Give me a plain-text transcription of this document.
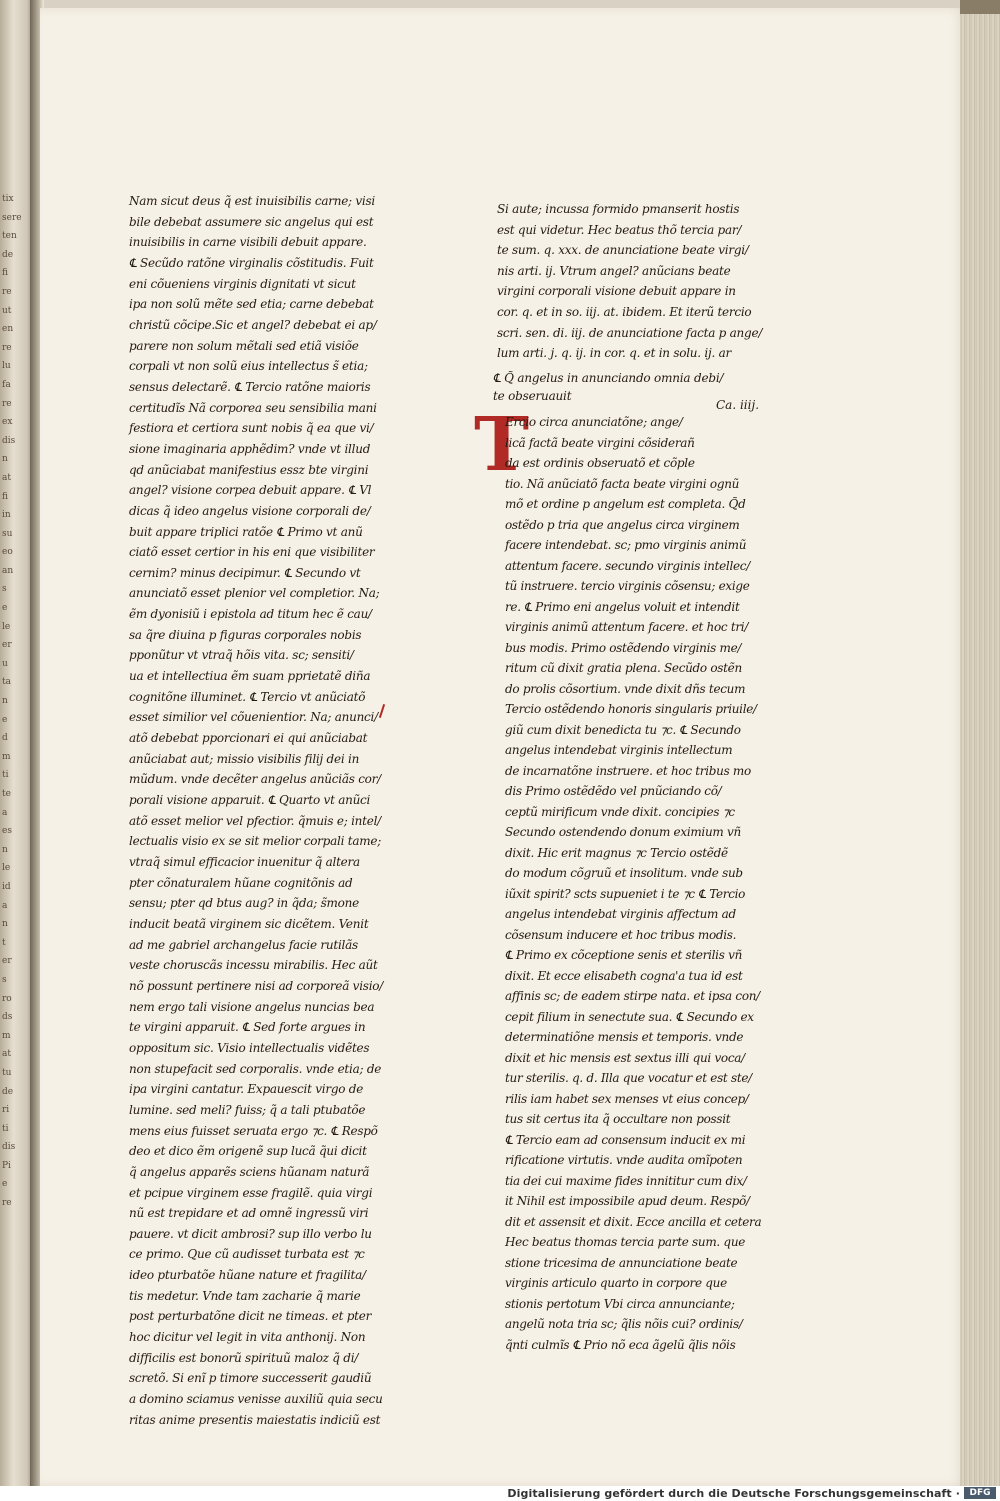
tix
sere
ten
de
fi
re
ut
en
re
lu
fa
re
ex
dis
n
at
fi
in
su
eo
an
s
e
le
er
u
ta
n
e
d
m
ti
te
a
es
n
le
id
a
n
t
er
s
ro
ds
m
at
tu
de
ri
ti
dis
Pi
e
re
Nam sicut deus q̃ est inuisibilis carne; visi
bile debebat assumere sic angelus qui est
inuisibilis in carne visibili debuit appare.
℄ Secũdo ratõne virginalis cõstitudis. Fuit
eni cõueniens virginis dignitati vt sicut
ipa non solũ mẽte sed etia; carne debebat
christũ cõcipe.Sic et angel? debebat ei ap/
parere non solum mẽtali sed etiã visiõe
corpali vt non solũ eius intellectus s̃ etia;
sensus delectarẽ. ℄ Tercio ratõne maioris
certitudĩs Nã corporea seu sensibilia mani
festiora et certiora sunt nobis q̃ ea que vi/
sione imaginaria apphẽdim? vnde vt illud
qd anũciabat manifestius essz bte virgini
angel? visione corpea debuit appare. ℄ Vl
dicas q̃ ideo angelus visione corporali de/
buit appare triplici ratõe ℄ Primo vt anũ
ciatõ esset certior in his eni que visibiliter
cernim? minus decipimur. ℄ Secundo vt
anunciatõ esset plenior vel completior. Na;
ẽm dyonisiũ i epistola ad titum hec ẽ cau/
sa q̃re diuina p figuras corporales nobis
pponũtur vt vtraq̃ hõis vita. sc; sensiti/
ua et intellectiua ẽm suam pprietatẽ diña
cognitõne illuminet. ℄ Tercio vt anũciatõ
esset similior vel cõuenientior. Na; anunci/
atõ debebat pporcionari ei qui anũciabat
anũciabat aut; missio visibilis filij dei in
mũdum. vnde decẽter angelus anũciãs cor/
porali visione apparuit. ℄ Quarto vt anũci
atõ esset melior vel pfectior. q̃muis e; intel/
lectualis visio ex se sit melior corpali tame;
vtraq̃ simul efficacior inuenitur q̃ altera
pter cõnaturalem hũane cognitõnis ad
sensu; pter qd btus aug? in q̃da; s̃mone
inducit beatã virginem sic dicẽtem. Venit
ad me gabriel archangelus facie rutilãs
veste choruscãs incessu mirabilis. Hec aũt
nõ possunt pertinere nisi ad corporeã visio/
nem ergo tali visione angelus nuncias bea
te virgini apparuit. ℄ Sed forte argues in
oppositum sic. Visio intellectualis vidẽtes
non stupefacit sed corporalis. vnde etia; de
ipa virgini cantatur. Expauescit virgo de
lumine. sed meli? fuiss; q̃ a tali ptubatõe
mens eius fuisset seruata ergo ⁊c. ℄ Respõ
deo et dico ẽm origenẽ sup lucã q̃ui dicit
q̃ angelus apparẽs sciens hũanam naturã
et pcipue virginem esse fragilẽ. quia virgi
nũ est trepidare et ad omnẽ ingressũ viri
pauere. vt dicit ambrosi? sup illo verbo lu
ce primo. Que cũ audisset turbata est ⁊c
ideo pturbatõe hũane nature et fragilita/
tis medetur. Vnde tam zacharie q̃ marie
post perturbatõne dicit ne timeas. et pter
hoc dicitur vel legit in vita anthonij. Non
difficilis est bonorũ spirituũ maloz q̃ di/
scretõ. Si enĩ p timore successerit gaudiũ
a domino sciamus venisse auxiliũ quia secu
ritas anime presentis maiestatis indiciũ est
Si aute; incussa formido pmanserit hostis
est qui videtur. Hec beatus thõ tercia par/
te sum. q. xxx. de anunciatione beate virgi/
nis arti. ij. Vtrum angel? anũcians beate
virgini corporali visione debuit appare in
cor. q. et in so. iij. at. ibidem. Et iterũ tercio
scri. sen. di. iij. de anunciatione facta p ange/
lum arti. j. q. ij. in cor. q. et in solu. ij. ar
℄ Q̃ angelus in anunciando omnia debi/
te obseruauit
Ca. iiij.
T
Ercio circa anunciatõne; ange/
licã factã beate virgini cõsiderañ
da est ordinis obseruatõ et cõple
tio. Nã anũciatõ facta beate virgini ognũ
mõ et ordine p angelum est completa. Q̃d
ostẽdo p tria que angelus circa virginem
facere intendebat. sc; pmo virginis animũ
attentum facere. secundo virginis intellec/
tũ instruere. tercio virginis cõsensu; exige
re. ℄ Primo eni angelus voluit et intendit
virginis animũ attentum facere. et hoc tri/
bus modis. Primo ostẽdendo virginis me/
ritum cũ dixit gratia plena. Secũdo ostẽn
do prolis cõsortium. vnde dixit dñs tecum
Tercio ostẽdendo honoris singularis priuile/
giũ cum dixit benedicta tu ⁊c. ℄ Secundo
angelus intendebat virginis intellectum
de incarnatõne instruere. et hoc tribus mo
dis Primo ostẽdẽdo vel pnũciando cõ/
ceptũ mirificum vnde dixit. concipies ⁊c
Secundo ostendendo donum eximium vñ
dixit. Hic erit magnus ⁊c Tercio ostẽdẽ
do modum cõgruũ et insolitum. vnde sub
iũxit spirit? scts supueniet i te ⁊c ℄ Tercio
angelus intendebat virginis affectum ad
cõsensum inducere et hoc tribus modis.
℄ Primo ex cõceptione senis et sterilis vñ
dixit. Et ecce elisabeth cogna'a tua id est
affinis sc; de eadem stirpe nata. et ipsa con/
cepit filium in senectute sua. ℄ Secundo ex
determinatiõne mensis et temporis. vnde
dixit et hic mensis est sextus illi qui voca/
tur sterilis. q. d. Illa que vocatur et est ste/
rilis iam habet sex menses vt eius concep/
tus sit certus ita q̃ occultare non possit
℄ Tercio eam ad consensum inducit ex mi
rificatione virtutis. vnde audita omĩpoten
tia dei cui maxime fides innititur cum dix/
it Nihil est impossibile apud deum. Respõ/
dit et assensit et dixit. Ecce ancilla et cetera
Hec beatus thomas tercia parte sum. que
stione tricesima de annunciatione beate
virginis articulo quarto in corpore que
stionis pertotum Vbi circa annunciante;
angelũ nota tria sc; q̃lis nõis cui? ordinis/
q̃nti culmĩs ℄ Prio nõ eca ãgelũ q̃lis nõis
Digitalisierung gefördert durch die Deutsche Forschungsgemeinschaft ·	DFG
